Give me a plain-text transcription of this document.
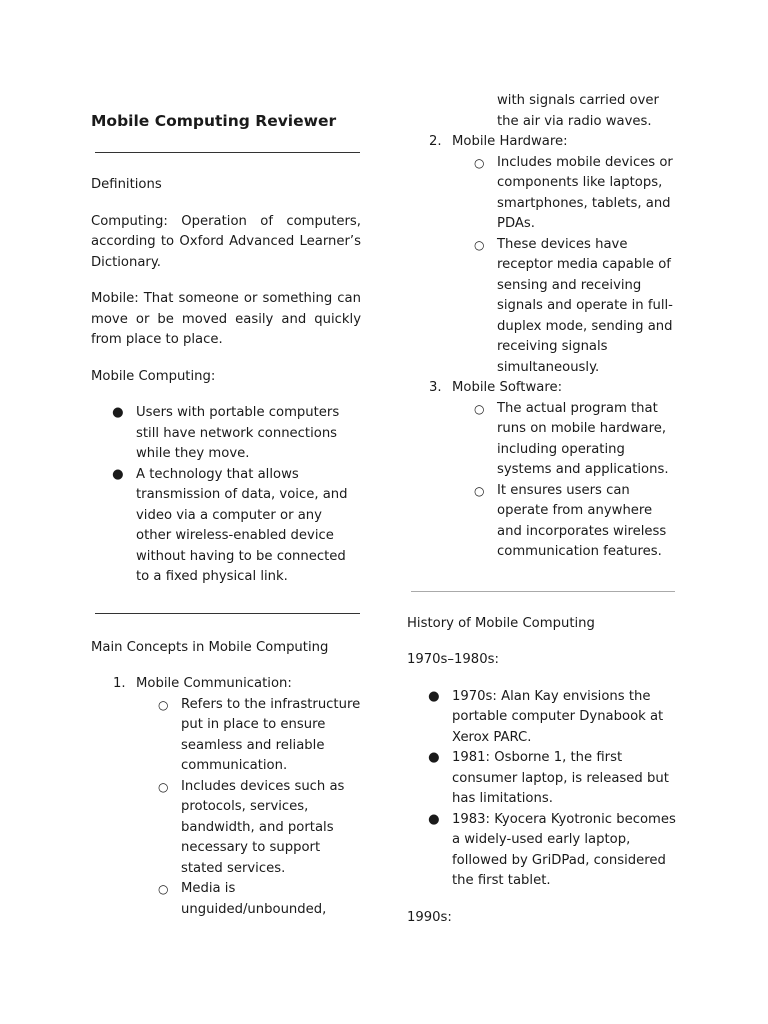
Mobile Computing Reviewer

Definitions

Computing: Operation of computers, according to Oxford Advanced Learner’s Dictionary.

Mobile: That someone or something can move or be moved easily and quickly from place to place.

Mobile Computing:

● Users with portable computers still have network connections while they move.
● A technology that allows transmission of data, voice, and video via a computer or any other wireless-enabled device without having to be connected to a fixed physical link.

Main Concepts in Mobile Computing

1. Mobile Communication:
○ Refers to the infrastructure put in place to ensure seamless and reliable communication.
○ Includes devices such as protocols, services, bandwidth, and portals necessary to support stated services.
○ Media is unguided/unbounded,
with signals carried over the air via radio waves.
2. Mobile Hardware:
○ Includes mobile devices or components like laptops, smartphones, tablets, and PDAs.
○ These devices have receptor media capable of sensing and receiving signals and operate in full-duplex mode, sending and receiving signals simultaneously.
3. Mobile Software:
○ The actual program that runs on mobile hardware, including operating systems and applications.
○ It ensures users can operate from anywhere and incorporates wireless communication features.

History of Mobile Computing

1970s–1980s:

● 1970s: Alan Kay envisions the portable computer Dynabook at Xerox PARC.
● 1981: Osborne 1, the first consumer laptop, is released but has limitations.
● 1983: Kyocera Kyotronic becomes a widely-used early laptop, followed by GriDPad, considered the first tablet.

1990s:
